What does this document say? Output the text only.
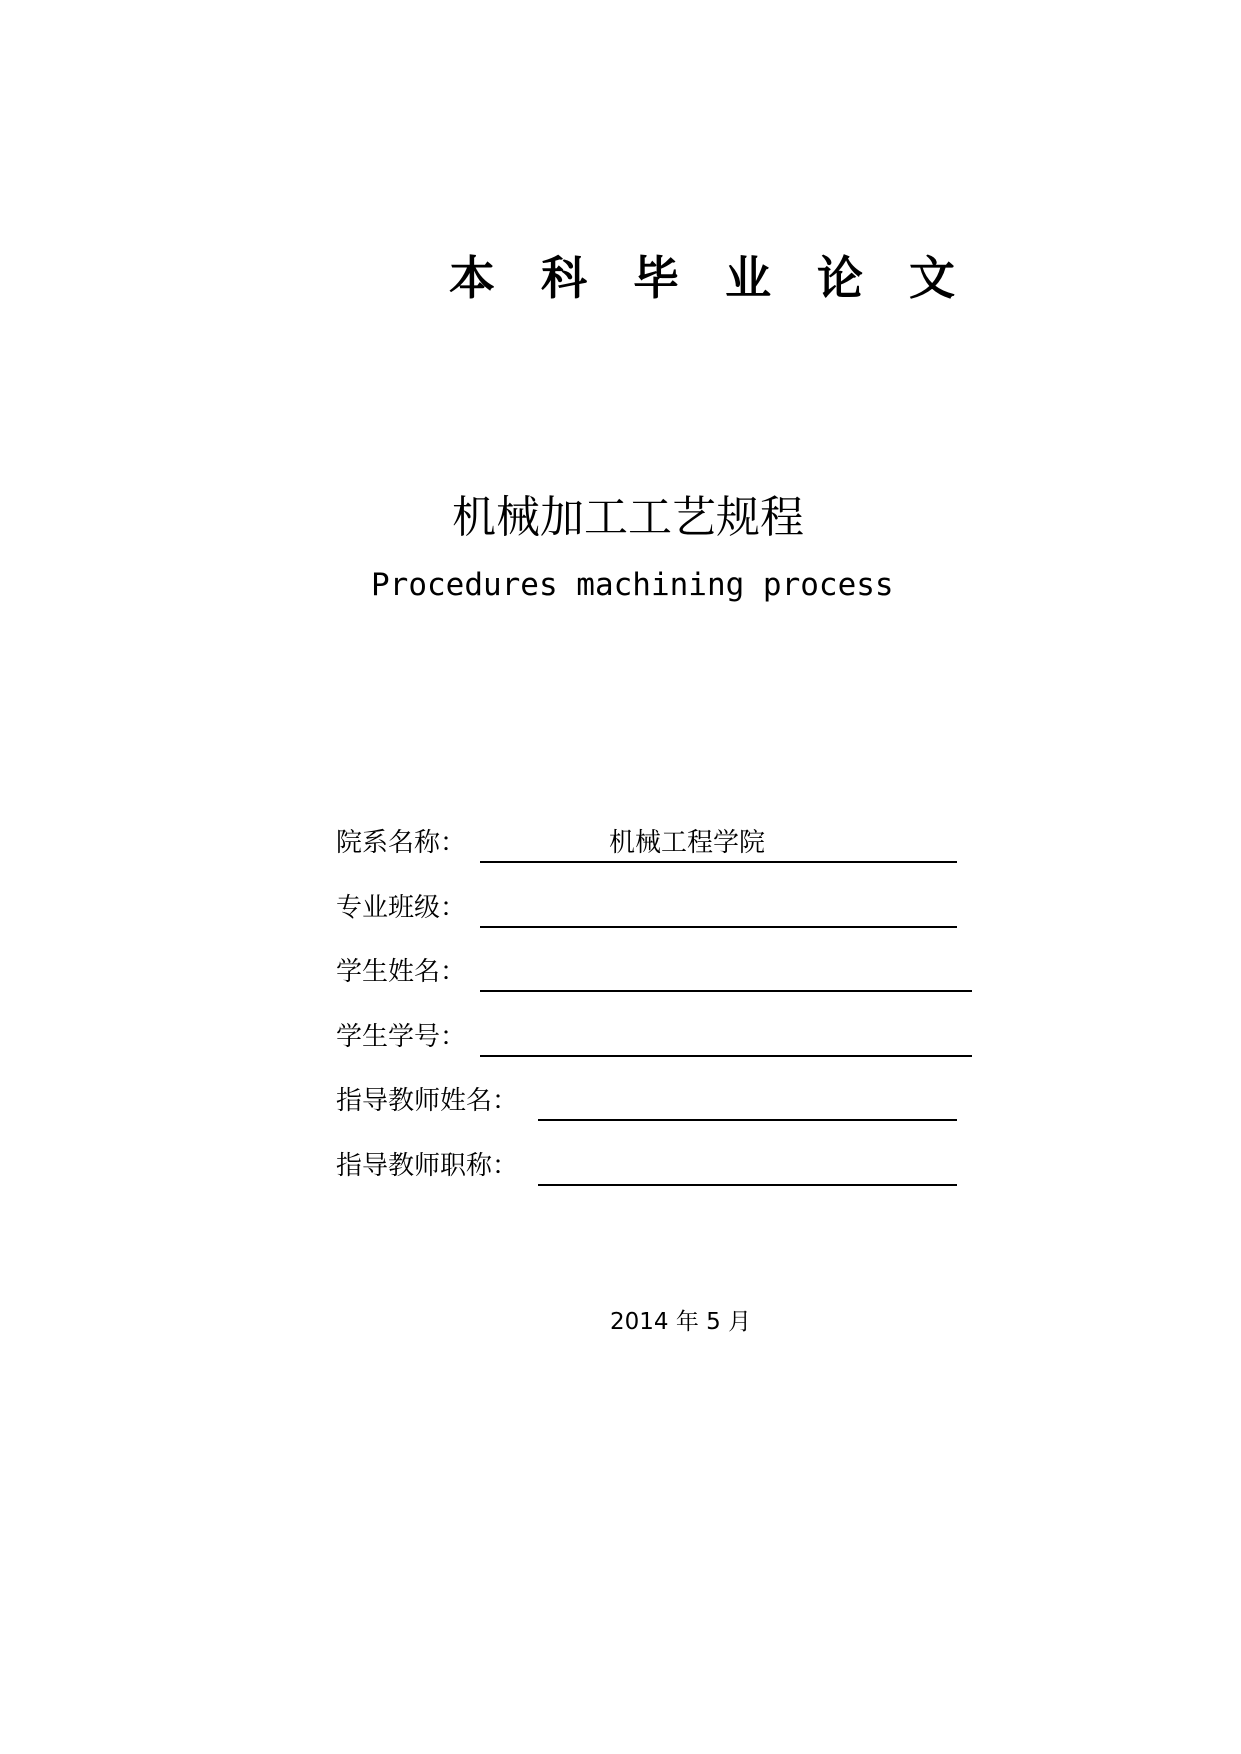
本 科 毕 业 论 文
机械加工工艺规程
Procedures machining process
院系名称：	机械工程学院
专业班级：
学生姓名：
学生学号：
指导教师姓名：
指导教师职称：
2014 年 5 月
